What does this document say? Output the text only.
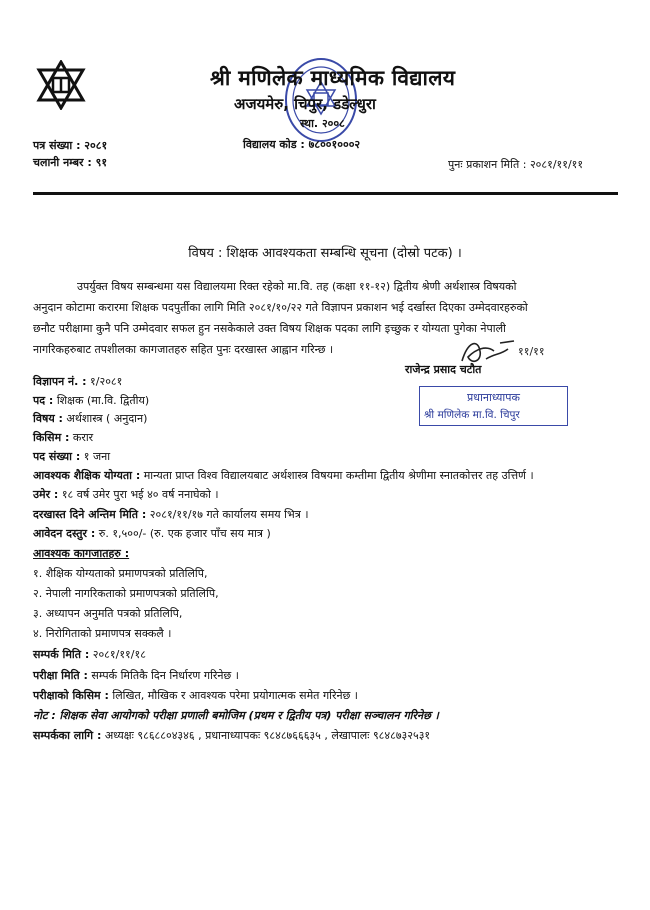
श्री मणिलेक माध्यमिक विद्यालय
अजयमेरु, चिपुर, डडेल्धुरा
स्था. २००८
पत्र संख्या : २०८१
चलानी नम्बर : ९१
विद्यालय कोड : ७८००१०००२
पुनः प्रकाशन मिति : २०८१/११/११
विषय : शिक्षक आवश्यकता सम्बन्धि सूचना (दोस्रो पटक) ।
उपर्युक्त विषय सम्बन्धमा यस विद्यालयमा रिक्त रहेको मा.वि. तह (कक्षा ११-१२) द्वितीय श्रेणी अर्थशास्त्र विषयको
अनुदान कोटामा करारमा शिक्षक पदपुर्तीका लागि मिति २०८१/१०/२२ गते विज्ञापन प्रकाशन भई दर्खास्त दिएका उम्मेदवारहरुको
छनौट परीक्षामा कुनै पनि उम्मेदवार सफल हुन नसकेकाले उक्त विषय शिक्षक पदका लागि इच्छुक र योग्यता पुगेका नेपाली
नागरिकहरुबाट तपशीलका कागजातहरु सहित पुनः दरखास्त आह्वान गरिन्छ ।	११/११
राजेन्द्र प्रसाद चटौत
प्रधानाध्यापक
श्री मणिलेक मा.वि. चिपुर
विज्ञापन नं. : १/२०८१
पद : शिक्षक (मा.वि. द्वितीय)
विषय : अर्थशास्त्र ( अनुदान)
किसिम : करार
पद संख्या : १ जना
आवश्यक शैक्षिक योग्यता : मान्यता प्राप्त विश्व विद्यालयबाट अर्थशास्त्र विषयमा कम्तीमा द्वितीय श्रेणीमा स्नातकोत्तर तह उत्तिर्ण ।
उमेर : १८ वर्ष उमेर पुरा भई ४० वर्ष ननाघेको ।
दरखास्त दिने अन्तिम मिति : २०८१/११/१७ गते कार्यालय समय भित्र ।
आवेदन दस्तुर : रु. १,५००/- (रु. एक हजार पाँच सय मात्र )
आवश्यक कागजातहरु :
१. शैक्षिक योग्यताको प्रमाणपत्रको प्रतिलिपि,
२. नेपाली नागरिकताको प्रमाणपत्रको प्रतिलिपि,
३. अध्यापन अनुमति पत्रको प्रतिलिपि,
४. निरोगिताको प्रमाणपत्र सक्कलै ।
सम्पर्क मिति : २०८१/११/१८
परीक्षा मिति : सम्पर्क मितिकै दिन निर्धारण गरिनेछ ।
परीक्षाको किसिम : लिखित, मौखिक र आवश्यक परेमा प्रयोगात्मक समेत गरिनेछ ।
नोट : शिक्षक सेवा आयोगको परीक्षा प्रणाली बमोजिम (प्रथम र द्वितीय पत्र) परीक्षा सञ्चालन गरिनेछ ।
सम्पर्कका लागि : अध्यक्षः ९८६८८०४३४६ , प्रधानाध्यापकः ९८४८७६६६३५ , लेखापालः ९८४८७३२५३१
